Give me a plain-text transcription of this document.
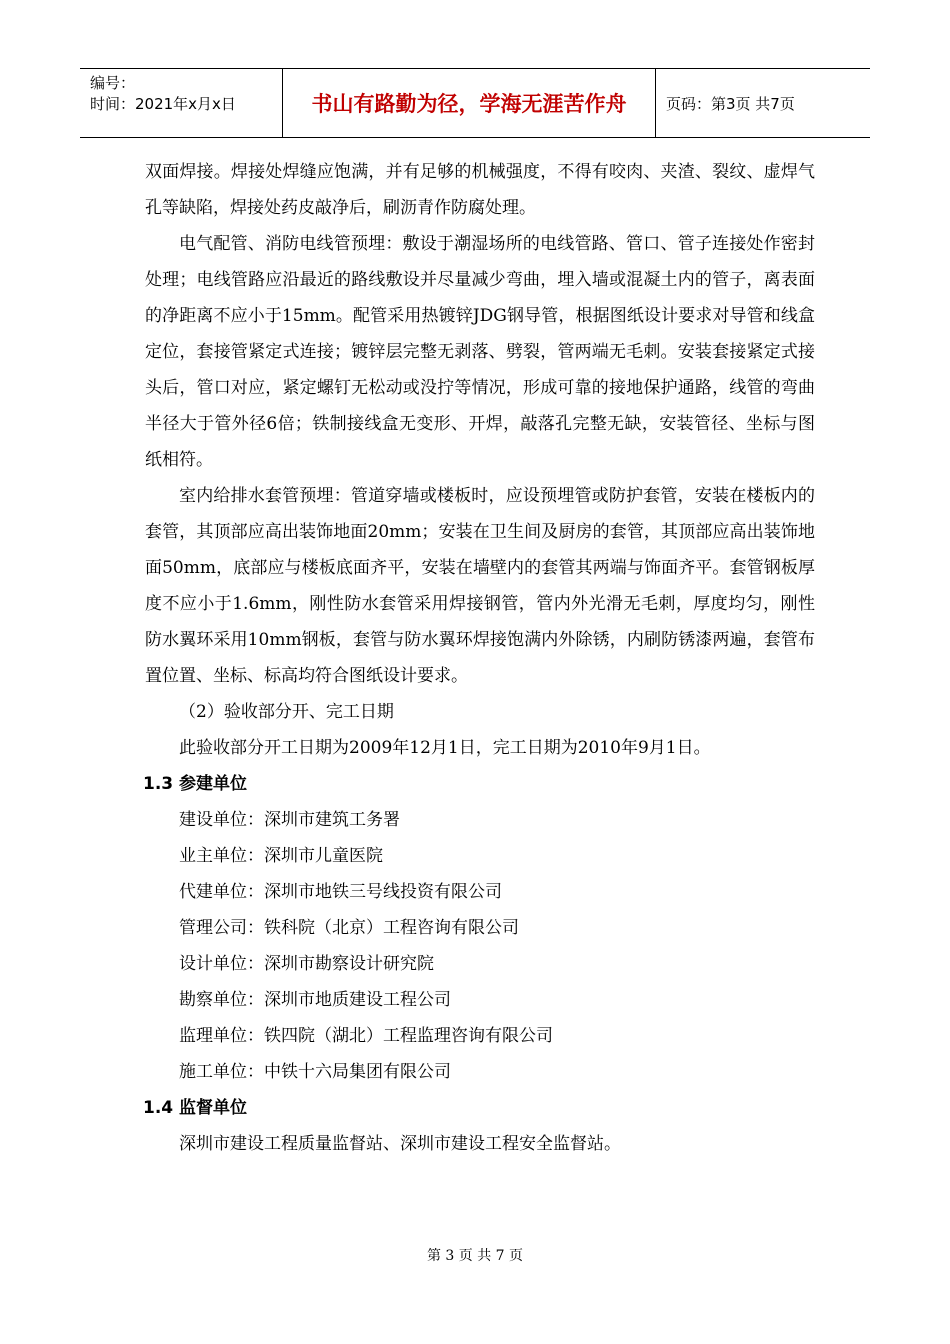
编号：
时间：2021年x月x日	书山有路勤为径，学海无涯苦作舟	页码：第3页 共7页

双面焊接。焊接处焊缝应饱满，并有足够的机械强度，不得有咬肉、夹渣、裂纹、虚焊气孔等缺陷，焊接处药皮敲净后，刷沥青作防腐处理。

电气配管、消防电线管预埋：敷设于潮湿场所的电线管路、管口、管子连接处作密封处理；电线管路应沿最近的路线敷设并尽量减少弯曲，埋入墙或混凝土内的管子，离表面的净距离不应小于15mm。配管采用热镀锌JDG钢导管，根据图纸设计要求对导管和线盒定位，套接管紧定式连接；镀锌层完整无剥落、劈裂，管两端无毛刺。安装套接紧定式接头后，管口对应，紧定螺钉无松动或没拧等情况，形成可靠的接地保护通路，线管的弯曲半径大于管外径6倍；铁制接线盒无变形、开焊，敲落孔完整无缺，安装管径、坐标与图纸相符。

室内给排水套管预埋：管道穿墙或楼板时，应设预埋管或防护套管，安装在楼板内的套管，其顶部应高出装饰地面20mm；安装在卫生间及厨房的套管，其顶部应高出装饰地面50mm，底部应与楼板底面齐平，安装在墙壁内的套管其两端与饰面齐平。套管钢板厚度不应小于1.6mm，刚性防水套管采用焊接钢管，管内外光滑无毛刺，厚度均匀，刚性防水翼环采用10mm钢板，套管与防水翼环焊接饱满内外除锈，内刷防锈漆两遍，套管布置位置、坐标、标高均符合图纸设计要求。

（2）验收部分开、完工日期

此验收部分开工日期为2009年12月1日，完工日期为2010年9月1日。

1.3 参建单位

建设单位：深圳市建筑工务署

业主单位：深圳市儿童医院

代建单位：深圳市地铁三号线投资有限公司

管理公司：铁科院（北京）工程咨询有限公司

设计单位：深圳市勘察设计研究院

勘察单位：深圳市地质建设工程公司

监理单位：铁四院（湖北）工程监理咨询有限公司

施工单位：中铁十六局集团有限公司

1.4 监督单位

深圳市建设工程质量监督站、深圳市建设工程安全监督站。

第 3 页 共 7 页
